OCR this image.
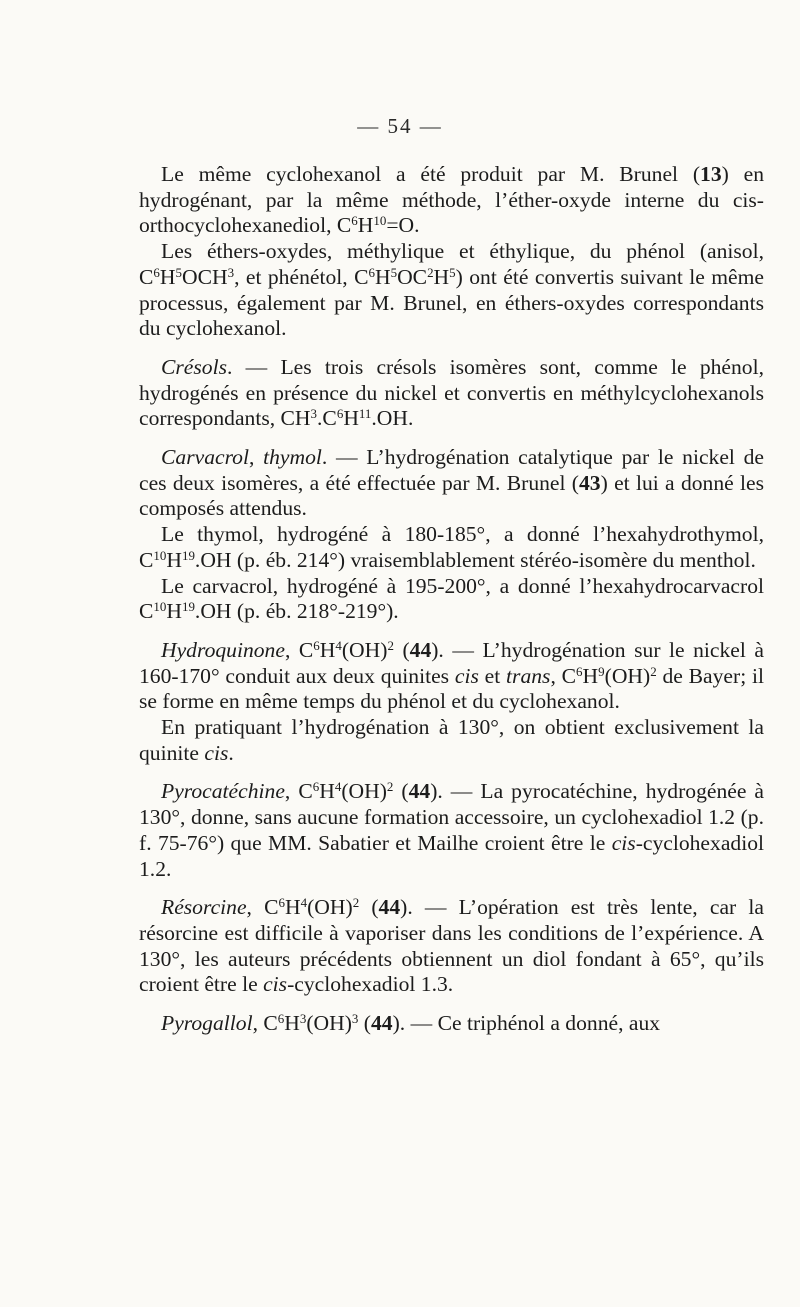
— 54 —

Le même cyclohexanol a été produit par M. Brunel (13) en hydrogénant, par la même méthode, l’éther-oxyde interne du cis-orthocyclohexanediol, $C^6H^{10}=O$.

Les éthers-oxydes, méthylique et éthylique, du phénol (anisol, $C^6H^5OCH^3$, et phénétol, $C^6H^5OC^2H^5$) ont été convertis suivant le même processus, également par M. Brunel, en éthers-oxydes correspondants du cyclohexanol.

Crésols. — Les trois crésols isomères sont, comme le phénol, hydrogénés en présence du nickel et convertis en méthylcyclohexanols correspondants, $CH^3.C^6H^{11}.OH$.

Carvacrol, thymol. — L’hydrogénation catalytique par le nickel de ces deux isomères, a été effectuée par M. Brunel (43) et lui a donné les composés attendus.

Le thymol, hydrogéné à 180-185°, a donné l’hexahydrothymol, $C^{10}H^{19}.OH$ (p. éb. 214°) vraisemblablement stéréo-isomère du menthol.

Le carvacrol, hydrogéné à 195-200°, a donné l’hexahydrocarvacrol $C^{10}H^{19}.OH$ (p. éb. 218°-219°).

Hydroquinone, $C^6H^4(OH)^2$ (44). — L’hydrogénation sur le nickel à 160-170° conduit aux deux quinites cis et trans, $C^6H^9(OH)^2$ de Bayer; il se forme en même temps du phénol et du cyclohexanol.

En pratiquant l’hydrogénation à 130°, on obtient exclusivement la quinite cis.

Pyrocatéchine, $C^6H^4(OH)^2$ (44). — La pyrocatéchine, hydrogénée à 130°, donne, sans aucune formation accessoire, un cyclohexadiol 1.2 (p. f. 75-76°) que MM. Sabatier et Mailhe croient être le cis-cyclohexadiol 1.2.

Résorcine, $C^6H^4(OH)^2$ (44). — L’opération est très lente, car la résorcine est difficile à vaporiser dans les conditions de l’expérience. A 130°, les auteurs précédents obtiennent un diol fondant à 65°, qu’ils croient être le cis-cyclohexadiol 1.3.

Pyrogallol, $C^6H^3(OH)^3$ (44). — Ce triphénol a donné, aux
